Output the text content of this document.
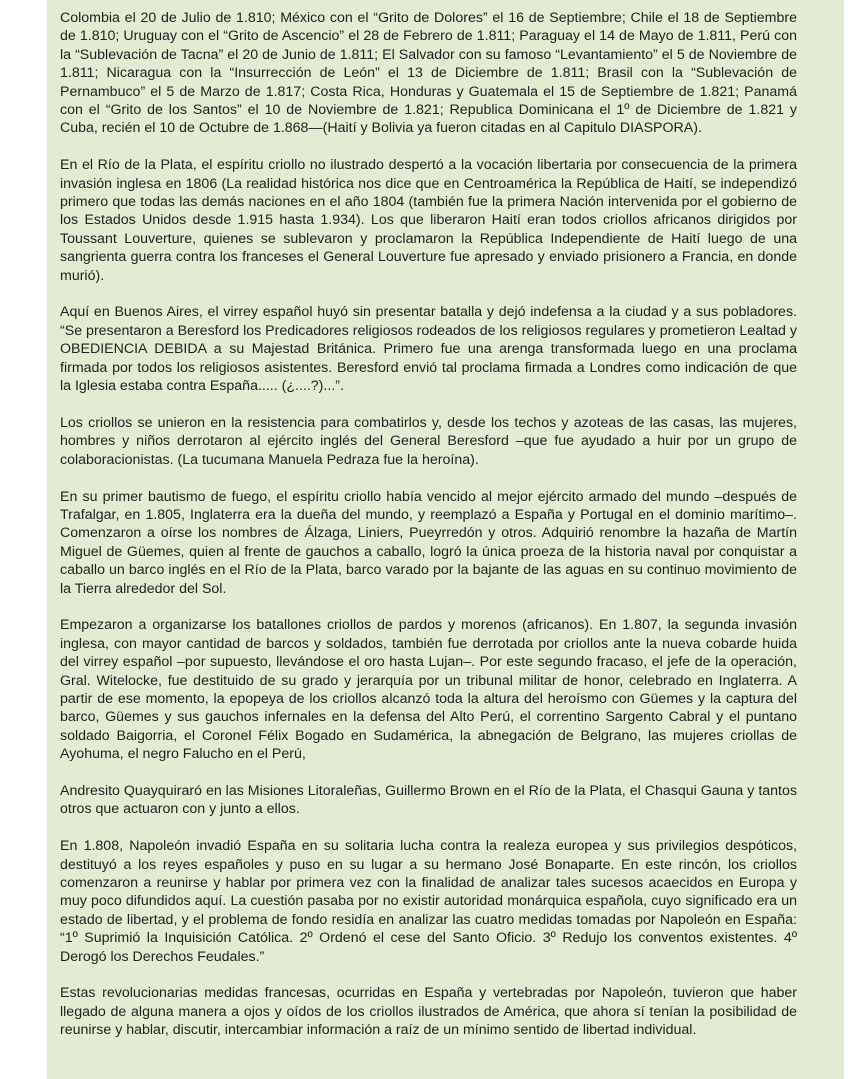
Colombia el 20 de Julio de 1.810; México con el “Grito de Dolores” el 16 de Septiembre; Chile el 18 de Septiembre de 1.810; Uruguay con el “Grito de Ascencio” el 28 de Febrero de 1.811; Paraguay el 14 de Mayo de 1.811, Perú con la “Sublevación de Tacna” el 20 de Junio de 1.811; El Salvador con su famoso “Levantamiento” el 5 de Noviembre de 1.811; Nicaragua con la “Insurrección de León” el 13 de Diciembre de 1.811; Brasil con la “Sublevación de Pernambuco” el 5 de Marzo de 1.817; Costa Rica, Honduras y Guatemala el 15 de Septiembre de 1.821; Panamá con el “Grito de los Santos” el 10 de Noviembre de 1.821; Republica Dominicana el 1º de Diciembre de 1.821 y Cuba, recién el 10 de Octubre de 1.868—(Haití y Bolivia ya fueron citadas en al Capitulo DIASPORA).

En el Río de la Plata, el espíritu criollo no ilustrado despertó a la vocación libertaria por consecuencia de la primera invasión inglesa en 1806 (La realidad histórica nos dice que en Centroamérica la República de Haití, se independizó primero que todas las demás naciones en el año 1804 (también fue la primera Nación intervenida por el gobierno de los Estados Unidos desde 1.915 hasta 1.934). Los que liberaron Haití eran todos criollos africanos dirigidos por Toussant Louverture, quienes se sublevaron y proclamaron la República Independiente de Haití luego de una sangrienta guerra contra los franceses el General Louverture fue apresado y enviado prisionero a Francia, en donde murió).

Aquí en Buenos Aires, el virrey español huyó sin presentar batalla y dejó indefensa a la ciudad y a sus pobladores. “Se presentaron a Beresford los Predicadores religiosos rodeados de los religiosos regulares y prometieron Lealtad y OBEDIENCIA DEBIDA a su Majestad Británica. Primero fue una arenga transformada luego en una proclama firmada por todos los religiosos asistentes. Beresford envió tal proclama firmada a Londres como indicación de que la Iglesia estaba contra España..... (¿....?)...”.

Los criollos se unieron en la resistencia para combatirlos y, desde los techos y azoteas de las casas, las mujeres, hombres y niños derrotaron al ejército inglés del General Beresford –que fue ayudado a huir por un grupo de colaboracionistas. (La tucumana Manuela Pedraza fue la heroína).

En su primer bautismo de fuego, el espíritu criollo había vencido al mejor ejército armado del mundo –después de Trafalgar, en 1.805, Inglaterra era la dueña del mundo, y reemplazó a España y Portugal en el dominio marítimo–. Comenzaron a oírse los nombres de Álzaga, Liniers, Pueyrredón y otros. Adquirió renombre la hazaña de Martín Miguel de Güemes, quien al frente de gauchos a caballo, logró la única proeza de la historia naval por conquistar a caballo un barco inglés en el Río de la Plata, barco varado por la bajante de las aguas en su continuo movimiento de la Tierra alrededor del Sol.

Empezaron a organizarse los batallones criollos de pardos y morenos (africanos). En 1.807, la segunda invasión inglesa, con mayor cantidad de barcos y soldados, también fue derrotada por criollos ante la nueva cobarde huida del virrey español –por supuesto, llevándose el oro hasta Lujan–. Por este segundo fracaso, el jefe de la operación, Gral. Witelocke, fue destituido de su grado y jerarquía por un tribunal militar de honor, celebrado en Inglaterra. A partir de ese momento, la epopeya de los criollos alcanzó toda la altura del heroísmo con Güemes y la captura del barco, Güemes y sus gauchos infernales en la defensa del Alto Perú, el correntino Sargento Cabral y el puntano soldado Baigorria, el Coronel Félix Bogado en Sudamérica, la abnegación de Belgrano, las mujeres criollas de Ayohuma, el negro Falucho en el Perú,

Andresito Quayquiraró en las Misiones Litoraleñas, Guillermo Brown en el Río de la Plata, el Chasqui Gauna y tantos otros que actuaron con y junto a ellos.

En 1.808, Napoleón invadió España en su solitaria lucha contra la realeza europea y sus privilegios despóticos, destituyó a los reyes españoles y puso en su lugar a su hermano José Bonaparte. En este rincón, los criollos comenzaron a reunirse y hablar por primera vez con la finalidad de analizar tales sucesos acaecidos en Europa y muy poco difundidos aquí. La cuestión pasaba por no existir autoridad monárquica española, cuyo significado era un estado de libertad, y el problema de fondo residía en analizar las cuatro medidas tomadas por Napoleón en España: “1º Suprimió la Inquisición Católica. 2º Ordenó el cese del Santo Oficio. 3º Redujo los conventos existentes. 4º Derogó los Derechos Feudales.”

Estas revolucionarias medidas francesas, ocurridas en España y vertebradas por Napoleón, tuvieron que haber llegado de alguna manera a ojos y oídos de los criollos ilustrados de América, que ahora sí tenían la posibilidad de reunirse y hablar, discutir, intercambiar información a raíz de un mínimo sentido de libertad individual.
